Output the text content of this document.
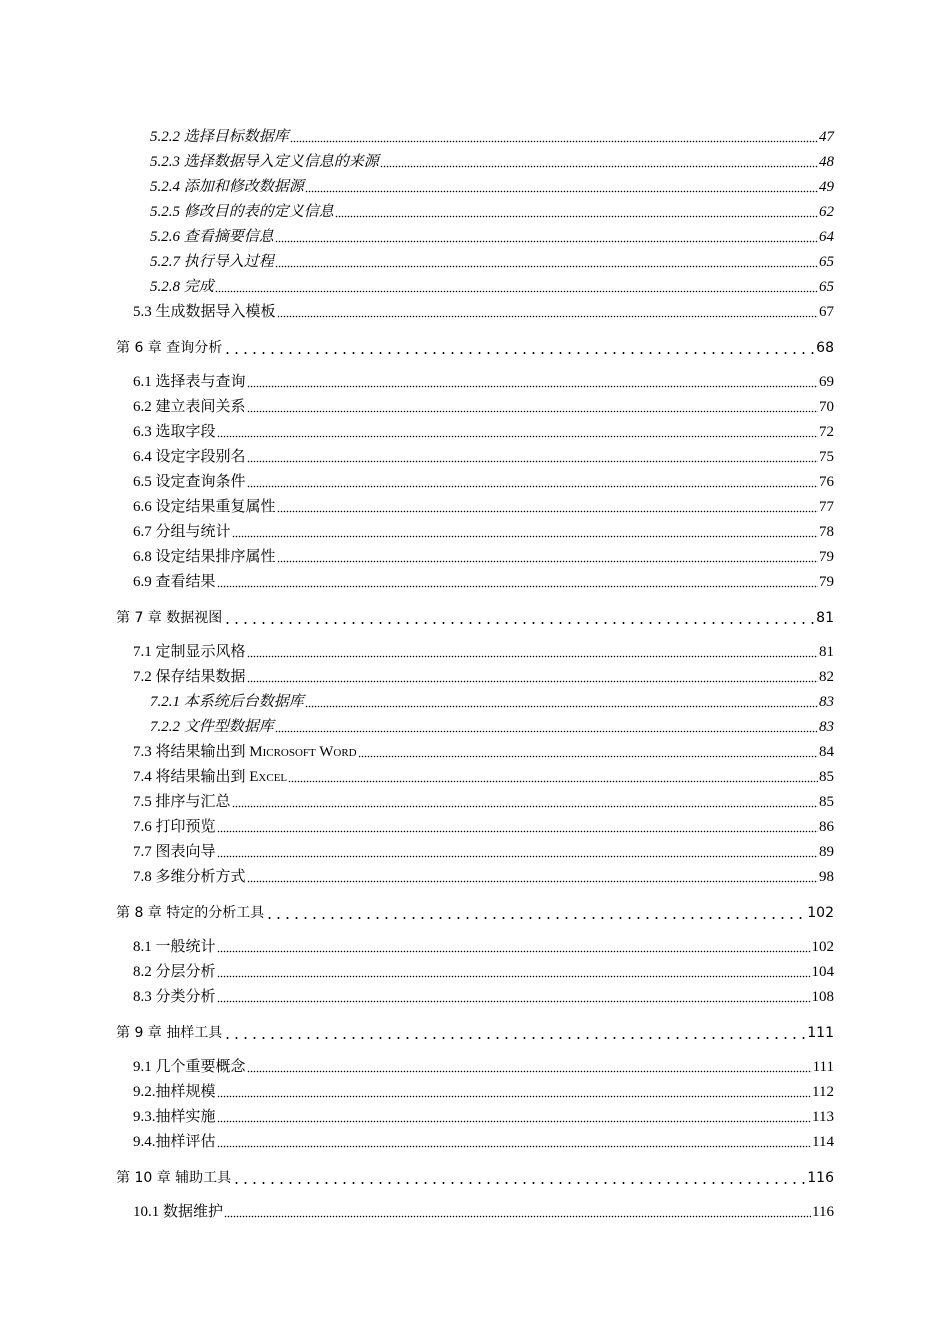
5.2.2 选择目标数据库	47
5.2.3 选择数据导入定义信息的来源	48
5.2.4 添加和修改数据源	49
5.2.5 修改目的表的定义信息	62
5.2.6 查看摘要信息	64
5.2.7 执行导入过程	65
5.2.8 完成	65
5.3 生成数据导入模板	67
第 6 章 查询分析	68
6.1 选择表与查询	69
6.2 建立表间关系	70
6.3 选取字段	72
6.4 设定字段别名	75
6.5 设定查询条件	76
6.6 设定结果重复属性	77
6.7 分组与统计	78
6.8 设定结果排序属性	79
6.9 查看结果	79
第 7 章 数据视图	81
7.1 定制显示风格	81
7.2 保存结果数据	82
7.2.1 本系统后台数据库	83
7.2.2 文件型数据库	83
7.3 将结果输出到 Microsoft Word	84
7.4 将结果输出到 Excel	85
7.5 排序与汇总	85
7.6 打印预览	86
7.7 图表向导	89
7.8 多维分析方式	98
第 8 章 特定的分析工具	102
8.1 一般统计	102
8.2 分层分析	104
8.3 分类分析	108
第 9 章 抽样工具	111
9.1 几个重要概念	111
9.2.抽样规模	112
9.3.抽样实施	113
9.4.抽样评估	114
第 10 章 辅助工具	116
10.1 数据维护	116
